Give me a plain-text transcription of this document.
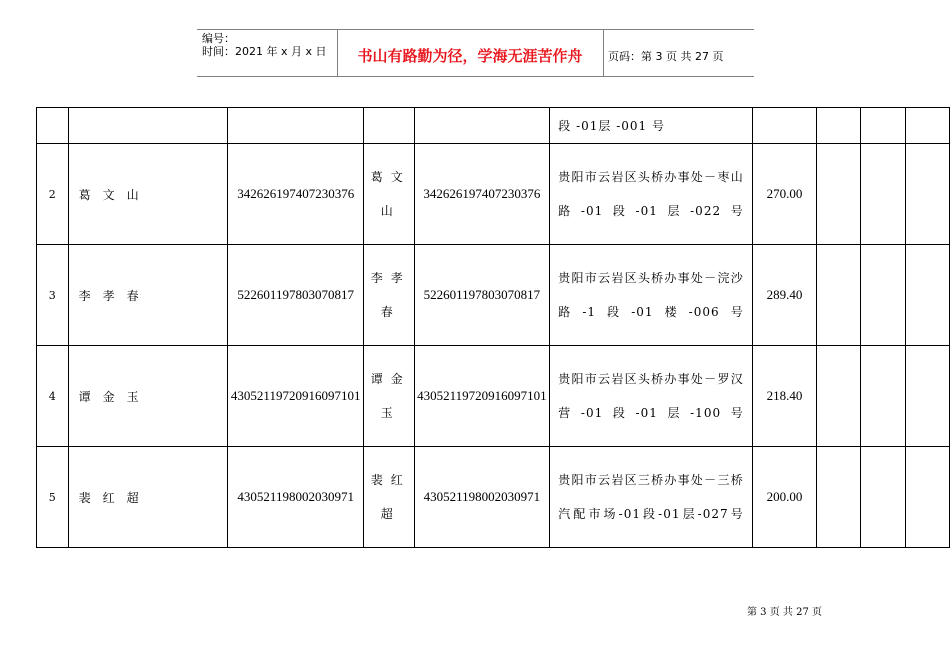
编号：
时间：2021 年 x 月 x 日	书山有路勤为径，学海无涯苦作舟	页码：第 3 页 共 27 页
					段 -01层 -001 号				
2	葛文山	342626197407230376	葛文山	342626197407230376	贵阳市云岩区头桥办事处－枣山路-01段-01层-022号	270.00			
3	李孝春	522601197803070817	李孝春	522601197803070817	贵阳市云岩区头桥办事处－浣沙路-1段-01楼-006号	289.40			
4	谭金玉	43052119720916097101	谭金玉	43052119720916097101	贵阳市云岩区头桥办事处－罗汉营-01段-01层-100号	218.40			
5	裴红超	430521198002030971	裴红超	430521198002030971	贵阳市云岩区三桥办事处－三桥汽配市场-01段-01层-027号	200.00			
第 3 页 共 27 页
